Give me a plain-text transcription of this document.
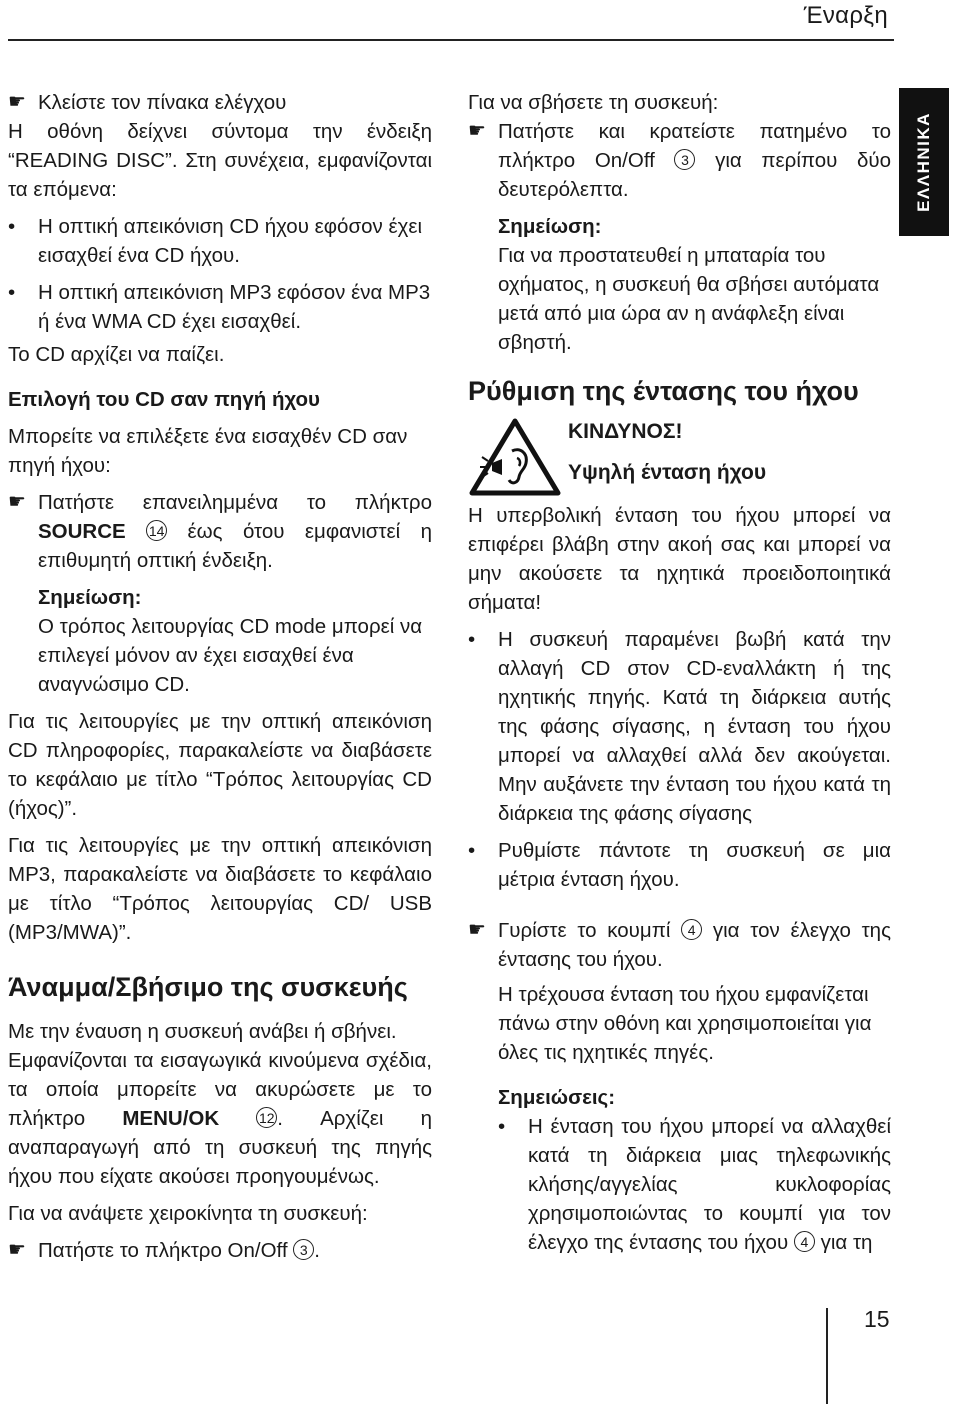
Έναρξη
ΕΛΛΗΝΙΚΑ
☛ Κλείστε τον πίνακα ελέγχου

Η οθόνη δείχνει σύντομα την ένδειξη “READING DISC”. Στη συνέχεια, εμφανίζονται τα επόμενα:

•	Η οπτική απεικόνιση CD ήχου εφόσον έχει εισαχθεί ένα CD ήχου.
•	Η οπτική απεικόνιση MP3 εφόσον ένα MP3 ή ένα WMA CD έχει εισαχθεί.

Το CD αρχίζει να παίζει.

Επιλογή του CD σαν πηγή ήχου

Μπορείτε να επιλέξετε ένα εισαχθέν CD σαν πηγή ήχου:

☛ Πατήστε επανειλημμένα το πλήκτρο SOURCE 14 έως ότου εμφανιστεί η επιθυμητή οπτική ένδειξη.

Σημείωση:

Ο τρόπος λειτουργίας CD mode μπορεί να επιλεγεί μόνον αν έχει εισαχθεί ένα αναγνώσιμο CD.

Για τις λειτουργίες με την οπτική απεικόνιση CD πληροφορίες, παρακαλείστε να διαβάσετε το κεφάλαιο με τίτλο “Τρόπος λειτουργίας CD (ήχος)”.

Για τις λειτουργίες με την οπτική απεικόνιση MP3, παρακαλείστε να διαβάσετε το κεφάλαιο με τίτλο “Τρόπος λειτουργίας CD/ USB (MP3/MWA)”.

Άναμμα/Σβήσιμο της συσκευής

Με την έναυση η συσκευή ανάβει ή σβήνει.

Εμφανίζονται τα εισαγωγικά κινούμενα σχέδια, τα οποία μπορείτε να ακυρώσετε με το πλήκτρο MENU/OK	12 . Αρχίζει η αναπαραγωγή από τη συσκευή της πηγής ήχου που είχατε ακούσει προηγουμένως.

Για να ανάψετε χειροκίνητα τη συσκευή:

☛ Πατήστε το πλήκτρο On/Off 3 .

Για να σβήσετε τη συσκευή:

☛ Πατήστε και κρατείστε πατημένο το πλήκτρο On/Off 3 για περίπου δύο δευτερόλεπτα.

Σημείωση:

Για να προστατευθεί η μπαταρία του οχήματος, η συσκευή θα σβήσει αυτόματα μετά από μια ώρα αν η ανάφλεξη είναι σβηστή.

Ρύθμιση της έντασης του ήχου

ΚΙΝΔΥΝΟΣ!

Υψηλή ένταση ήχου

Η υπερβολική ένταση του ήχου μπορεί να επιφέρει βλάβη στην ακοή σας και μπορεί να μην ακούσετε τα ηχητικά προειδοποιητικά σήματα!

•	Η συσκευή παραμένει βωβή κατά την αλλαγή CD στον CD-εναλλάκτη ή της ηχητικής πηγής. Κατά τη διάρκεια αυτής της φάσης σίγασης, η ένταση του ήχου μπορεί να αλλαχθεί αλλά δεν ακούγεται. Μην αυξάνετε την ένταση του ήχου κατά τη διάρκεια της φάσης σίγασης
•	Ρυθμίστε πάντοτε τη συσκευή σε μια μέτρια ένταση ήχου.
☛ Γυρίστε το κουμπί 4 για τον έλεγχο της έντασης του ήχου.

Η τρέχουσα ένταση του ήχου εμφανίζεται πάνω στην οθόνη και χρησιμοποιείται για όλες τις ηχητικές πηγές.

Σημειώσεις:

•	Η ένταση του ήχου μπορεί να αλλαχθεί κατά τη διάρκεια μιας τηλεφωνικής κλήσης/αγγελίας κυκλοφορίας χρησιμοποιώντας το κουμπί για τον έλεγχο της έντασης του ήχου 4 για τη
15
